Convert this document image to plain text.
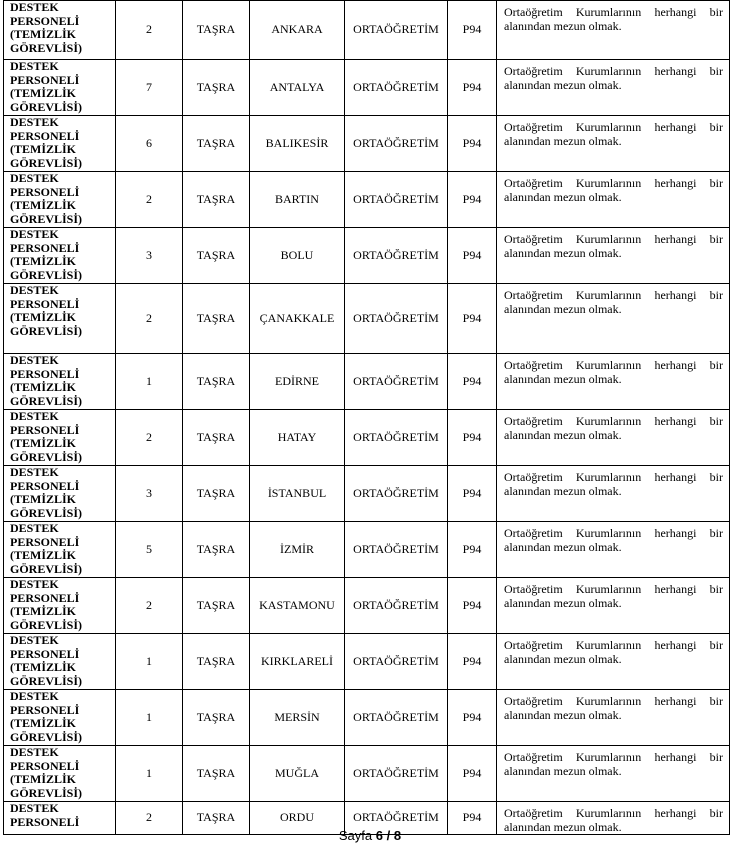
DESTEK
PERSONELİ
(TEMİZLİK
GÖREVLİSİ)	2	TAŞRA	ANKARA	ORTAÖĞRETİM	P94	Ortaöğretim Kurumlarının herhangi bir alanından mezun olmak.

DESTEK
PERSONELİ
(TEMİZLİK
GÖREVLİSİ)	7	TAŞRA	ANTALYA	ORTAÖĞRETİM	P94	Ortaöğretim Kurumlarının herhangi bir alanından mezun olmak.

DESTEK
PERSONELİ
(TEMİZLİK
GÖREVLİSİ)	6	TAŞRA	BALIKESİR	ORTAÖĞRETİM	P94	Ortaöğretim Kurumlarının herhangi bir alanından mezun olmak.

DESTEK
PERSONELİ
(TEMİZLİK
GÖREVLİSİ)	2	TAŞRA	BARTIN	ORTAÖĞRETİM	P94	Ortaöğretim Kurumlarının herhangi bir alanından mezun olmak.

DESTEK
PERSONELİ
(TEMİZLİK
GÖREVLİSİ)	3	TAŞRA	BOLU	ORTAÖĞRETİM	P94	Ortaöğretim Kurumlarının herhangi bir alanından mezun olmak.

DESTEK
PERSONELİ
(TEMİZLİK
GÖREVLİSİ)	2	TAŞRA	ÇANAKKALE	ORTAÖĞRETİM	P94	Ortaöğretim Kurumlarının herhangi bir alanından mezun olmak.

DESTEK
PERSONELİ
(TEMİZLİK
GÖREVLİSİ)	1	TAŞRA	EDİRNE	ORTAÖĞRETİM	P94	Ortaöğretim Kurumlarının herhangi bir alanından mezun olmak.

DESTEK
PERSONELİ
(TEMİZLİK
GÖREVLİSİ)	2	TAŞRA	HATAY	ORTAÖĞRETİM	P94	Ortaöğretim Kurumlarının herhangi bir alanından mezun olmak.

DESTEK
PERSONELİ
(TEMİZLİK
GÖREVLİSİ)	3	TAŞRA	İSTANBUL	ORTAÖĞRETİM	P94	Ortaöğretim Kurumlarının herhangi bir alanından mezun olmak.

DESTEK
PERSONELİ
(TEMİZLİK
GÖREVLİSİ)	5	TAŞRA	İZMİR	ORTAÖĞRETİM	P94	Ortaöğretim Kurumlarının herhangi bir alanından mezun olmak.

DESTEK
PERSONELİ
(TEMİZLİK
GÖREVLİSİ)	2	TAŞRA	KASTAMONU	ORTAÖĞRETİM	P94	Ortaöğretim Kurumlarının herhangi bir alanından mezun olmak.

DESTEK
PERSONELİ
(TEMİZLİK
GÖREVLİSİ)	1	TAŞRA	KIRKLARELİ	ORTAÖĞRETİM	P94	Ortaöğretim Kurumlarının herhangi bir alanından mezun olmak.

DESTEK
PERSONELİ
(TEMİZLİK
GÖREVLİSİ)	1	TAŞRA	MERSİN	ORTAÖĞRETİM	P94	Ortaöğretim Kurumlarının herhangi bir alanından mezun olmak.

DESTEK
PERSONELİ
(TEMİZLİK
GÖREVLİSİ)	1	TAŞRA	MUĞLA	ORTAÖĞRETİM	P94	Ortaöğretim Kurumlarının herhangi bir alanından mezun olmak.

DESTEK
PERSONELİ	2	TAŞRA	ORDU	ORTAÖĞRETİM	P94	Ortaöğretim Kurumlarının herhangi bir alanından mezun olmak.
Sayfa 6 / 8
